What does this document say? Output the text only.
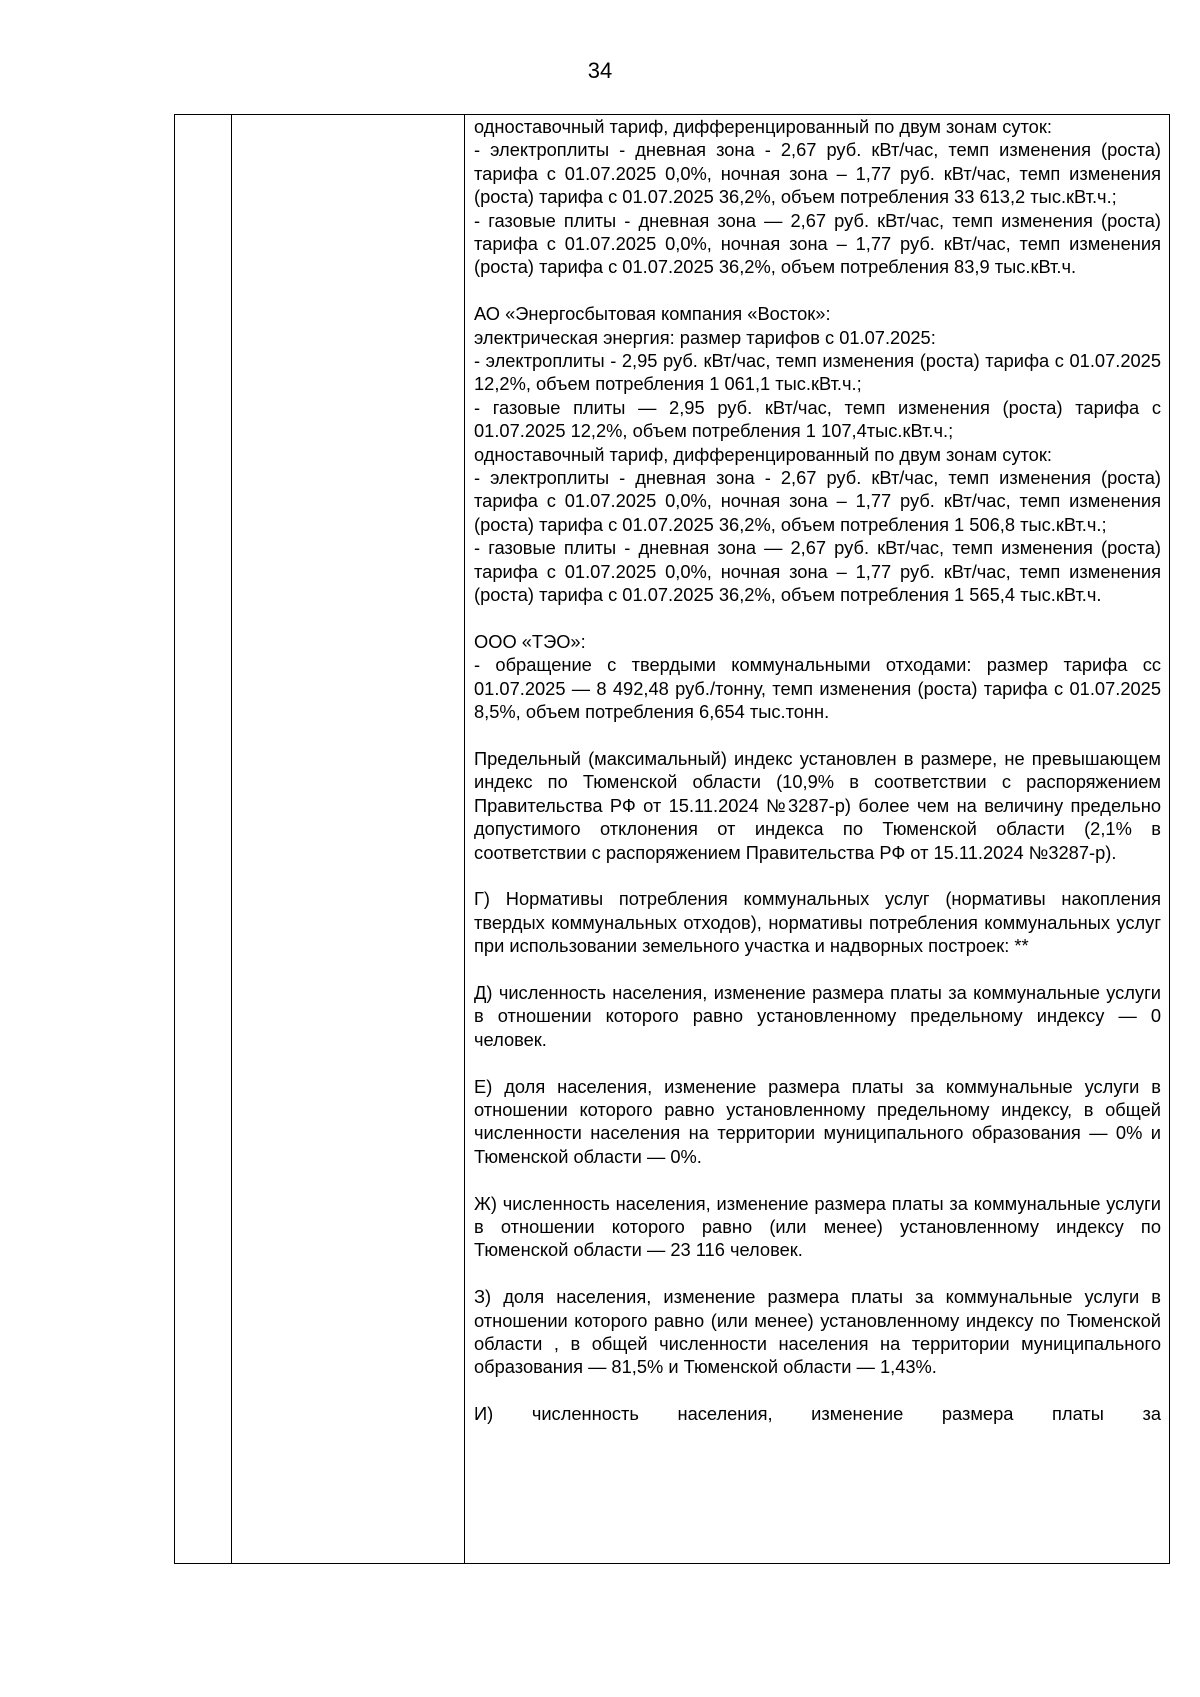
34

одноставочный тариф, дифференцированный по двум зонам суток:

- электроплиты - дневная зона - 2,67 руб. кВт/час, темп изменения (роста) тарифа с 01.07.2025 0,0%, ночная зона – 1,77 руб. кВт/час, темп изменения (роста) тарифа с 01.07.2025 36,2%, объем потребления 33 613,2 тыс.кВт.ч.;

- газовые плиты - дневная зона — 2,67 руб. кВт/час, темп изменения (роста) тарифа с 01.07.2025 0,0%, ночная зона – 1,77 руб. кВт/час, темп изменения (роста) тарифа с 01.07.2025 36,2%, объем потребления 83,9 тыс.кВт.ч.

АО «Энергосбытовая компания «Восток»:

электрическая энергия: размер тарифов с 01.07.2025:

- электроплиты - 2,95 руб. кВт/час, темп изменения (роста) тарифа с 01.07.2025 12,2%, объем потребления 1 061,1 тыс.кВт.ч.;

- газовые плиты — 2,95 руб. кВт/час, темп изменения (роста) тарифа с 01.07.2025 12,2%, объем потребления 1 107,4тыс.кВт.ч.;

одноставочный тариф, дифференцированный по двум зонам суток:

- электроплиты - дневная зона - 2,67 руб. кВт/час, темп изменения (роста) тарифа с 01.07.2025 0,0%, ночная зона – 1,77 руб. кВт/час, темп изменения (роста) тарифа с 01.07.2025 36,2%, объем потребления 1 506,8 тыс.кВт.ч.;

- газовые плиты - дневная зона — 2,67 руб. кВт/час, темп изменения (роста) тарифа с 01.07.2025 0,0%, ночная зона – 1,77 руб. кВт/час, темп изменения (роста) тарифа с 01.07.2025 36,2%, объем потребления 1 565,4 тыс.кВт.ч.

ООО «ТЭО»:

- обращение с твердыми коммунальными отходами: размер тарифа сс 01.07.2025 — 8 492,48 руб./тонну, темп изменения (роста) тарифа с 01.07.2025 8,5%, объем потребления 6,654 тыс.тонн.

Предельный (максимальный) индекс установлен в размере, не превышающем индекс по Тюменской области (10,9% в соответствии с распоряжением Правительства РФ от 15.11.2024 №3287-р) более чем на величину предельно допустимого отклонения от индекса по Тюменской области (2,1% в соответствии с распоряжением Правительства РФ от 15.11.2024 №3287-р).

Г) Нормативы потребления коммунальных услуг (нормативы накопления твердых коммунальных отходов), нормативы потребления коммунальных услуг при использовании земельного участка и надворных построек: **

Д) численность населения, изменение размера платы за коммунальные услуги в отношении которого равно установленному предельному индексу — 0 человек.

Е) доля населения, изменение размера платы за коммунальные услуги в отношении которого равно установленному предельному индексу, в общей численности населения на территории муниципального образования — 0% и Тюменской области — 0%.

Ж) численность населения, изменение размера платы за коммунальные услуги в отношении которого равно (или менее) установленному индексу по Тюменской области — 23 116 человек.

З) доля населения, изменение размера платы за коммунальные услуги в отношении которого равно (или менее) установленному индексу по Тюменской области , в общей численности населения на территории муниципального образования — 81,5% и Тюменской области — 1,43%.

И) численность населения, изменение размера платы за
